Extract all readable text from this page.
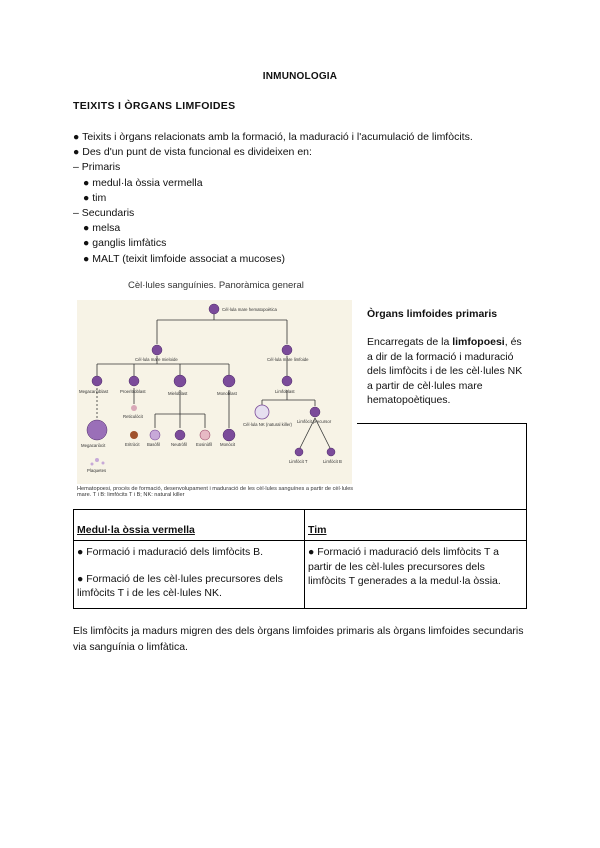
INMUNOLOGIA
TEIXITS I ÒRGANS LIMFOIDES
● Teixits i òrgans relacionats amb la formació, la maduració i l'acumulació de limfòcits.
● Des d'un punt de vista funcional es divideixen en:
– Primaris
● medul·la òssia vermella
● tim
– Secundaris
● melsa
● ganglis limfàtics
● MALT (teixit limfoide associat a mucoses)
Cèl·lules sanguínies. Panoràmica general
Cèl·lula mare hematopoètica
Cèl·lula mare mieloide	Cèl·lula mare limfoide
Megacarioblast	Proeritroblast	Mieloblast	Monoblast	Limfoblast
Reticulòcit
Megacariòcit
Plaquetes
Eritròcit Basòfil	Neutròfil Eosinòfil Monòcit
Cèl·lula NK (natural killer)
Limfòcit precursor
Limfòcit T	Limfòcit B
Hematopoesi, procés de formació, desenvolupament i maduració de les cèl·lules sanguínes a partir de cèl·lules mare. T i B: limfòcits T i B; NK: natural killer
Òrgans limfoides primaris
Encarregats de la limfopoesi, és a dir de la formació i maduració dels limfòcits i de les cèl·lules NK a partir de cèl·lules mare hematopoètiques.
Medul·la òssia vermella	Tim

● Formació i maduració dels limfòcits B.
● Formació de les cèl·lules precursores dels limfòcits T i de les cèl·lules NK.	● Formació i maduració dels limfòcits T a partir de les cèl·lules precursores dels limfòcits T generades a la medul·la òssia.
Els limfòcits ja madurs migren des dels òrgans limfoides primaris als òrgans limfoides secundaris via sanguínia o limfàtica.
